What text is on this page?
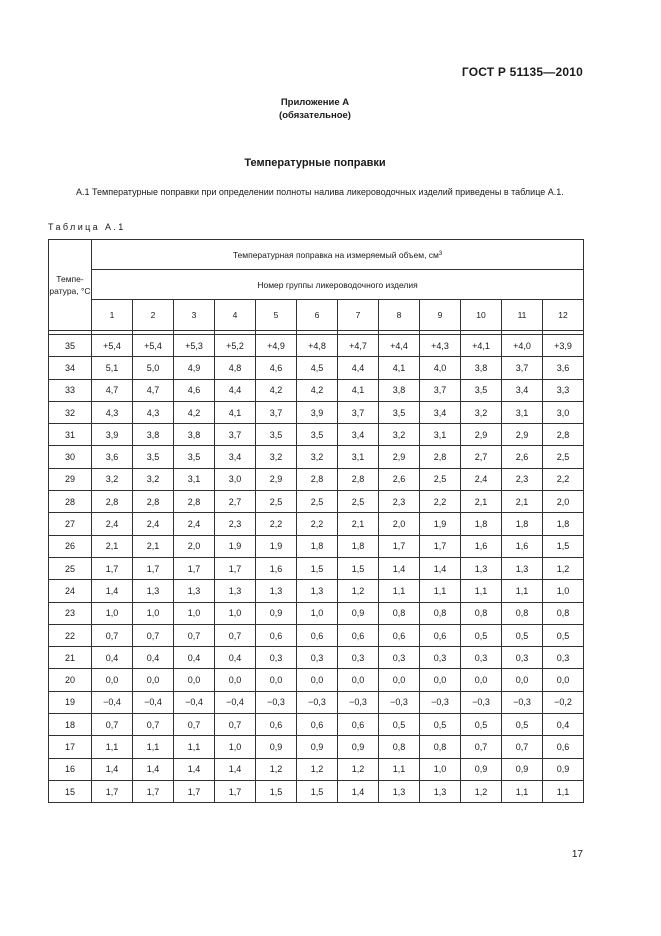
ГОСТ Р 51135—2010
Приложение А
(обязательное)
Температурные поправки
А.1 Температурные поправки при определении полноты налива ликероводочных изделий приведены в таблице А.1.
Таблица А.1
Темпе-ратура, °С	Температурная поправка на измеряемый объем, $см^3$
	Номер группы ликероводочного изделия											
	1	2	3	4	5	6	7	8	9	10	11	12

35	+5,4	+5,4	+5,3	+5,2	+4,9	+4,8	+4,7	+4,4	+4,3	+4,1	+4,0	+3,9
34	5,1	5,0	4,9	4,8	4,6	4,5	4,4	4,1	4,0	3,8	3,7	3,6
33	4,7	4,7	4,6	4,4	4,2	4,2	4,1	3,8	3,7	3,5	3,4	3,3
32	4,3	4,3	4,2	4,1	3,7	3,9	3,7	3,5	3,4	3,2	3,1	3,0
31	3,9	3,8	3,8	3,7	3,5	3,5	3,4	3,2	3,1	2,9	2,9	2,8
30	3,6	3,5	3,5	3,4	3,2	3,2	3,1	2,9	2,8	2,7	2,6	2,5
29	3,2	3,2	3,1	3,0	2,9	2,8	2,8	2,6	2,5	2,4	2,3	2,2
28	2,8	2,8	2,8	2,7	2,5	2,5	2,5	2,3	2,2	2,1	2,1	2,0
27	2,4	2,4	2,4	2,3	2,2	2,2	2,1	2,0	1,9	1,8	1,8	1,8
26	2,1	2,1	2,0	1,9	1,9	1,8	1,8	1,7	1,7	1,6	1,6	1,5
25	1,7	1,7	1,7	1,7	1,6	1,5	1,5	1,4	1,4	1,3	1,3	1,2
24	1,4	1,3	1,3	1,3	1,3	1,3	1,2	1,1	1,1	1,1	1,1	1,0
23	1,0	1,0	1,0	1,0	0,9	1,0	0,9	0,8	0,8	0,8	0,8	0,8
22	0,7	0,7	0,7	0,7	0,6	0,6	0,6	0,6	0,6	0,5	0,5	0,5
21	0,4	0,4	0,4	0,4	0,3	0,3	0,3	0,3	0,3	0,3	0,3	0,3
20	0,0	0,0	0,0	0,0	0,0	0,0	0,0	0,0	0,0	0,0	0,0	0,0
19	−0,4	−0,4	−0,4	−0,4	−0,3	−0,3	−0,3	−0,3	−0,3	−0,3	−0,3	−0,2
18	0,7	0,7	0,7	0,7	0,6	0,6	0,6	0,5	0,5	0,5	0,5	0,4
17	1,1	1,1	1,1	1,0	0,9	0,9	0,9	0,8	0,8	0,7	0,7	0,6
16	1,4	1,4	1,4	1,4	1,2	1,2	1,2	1,1	1,0	0,9	0,9	0,9
15	1,7	1,7	1,7	1,7	1,5	1,5	1,4	1,3	1,3	1,2	1,1	1,1
17
